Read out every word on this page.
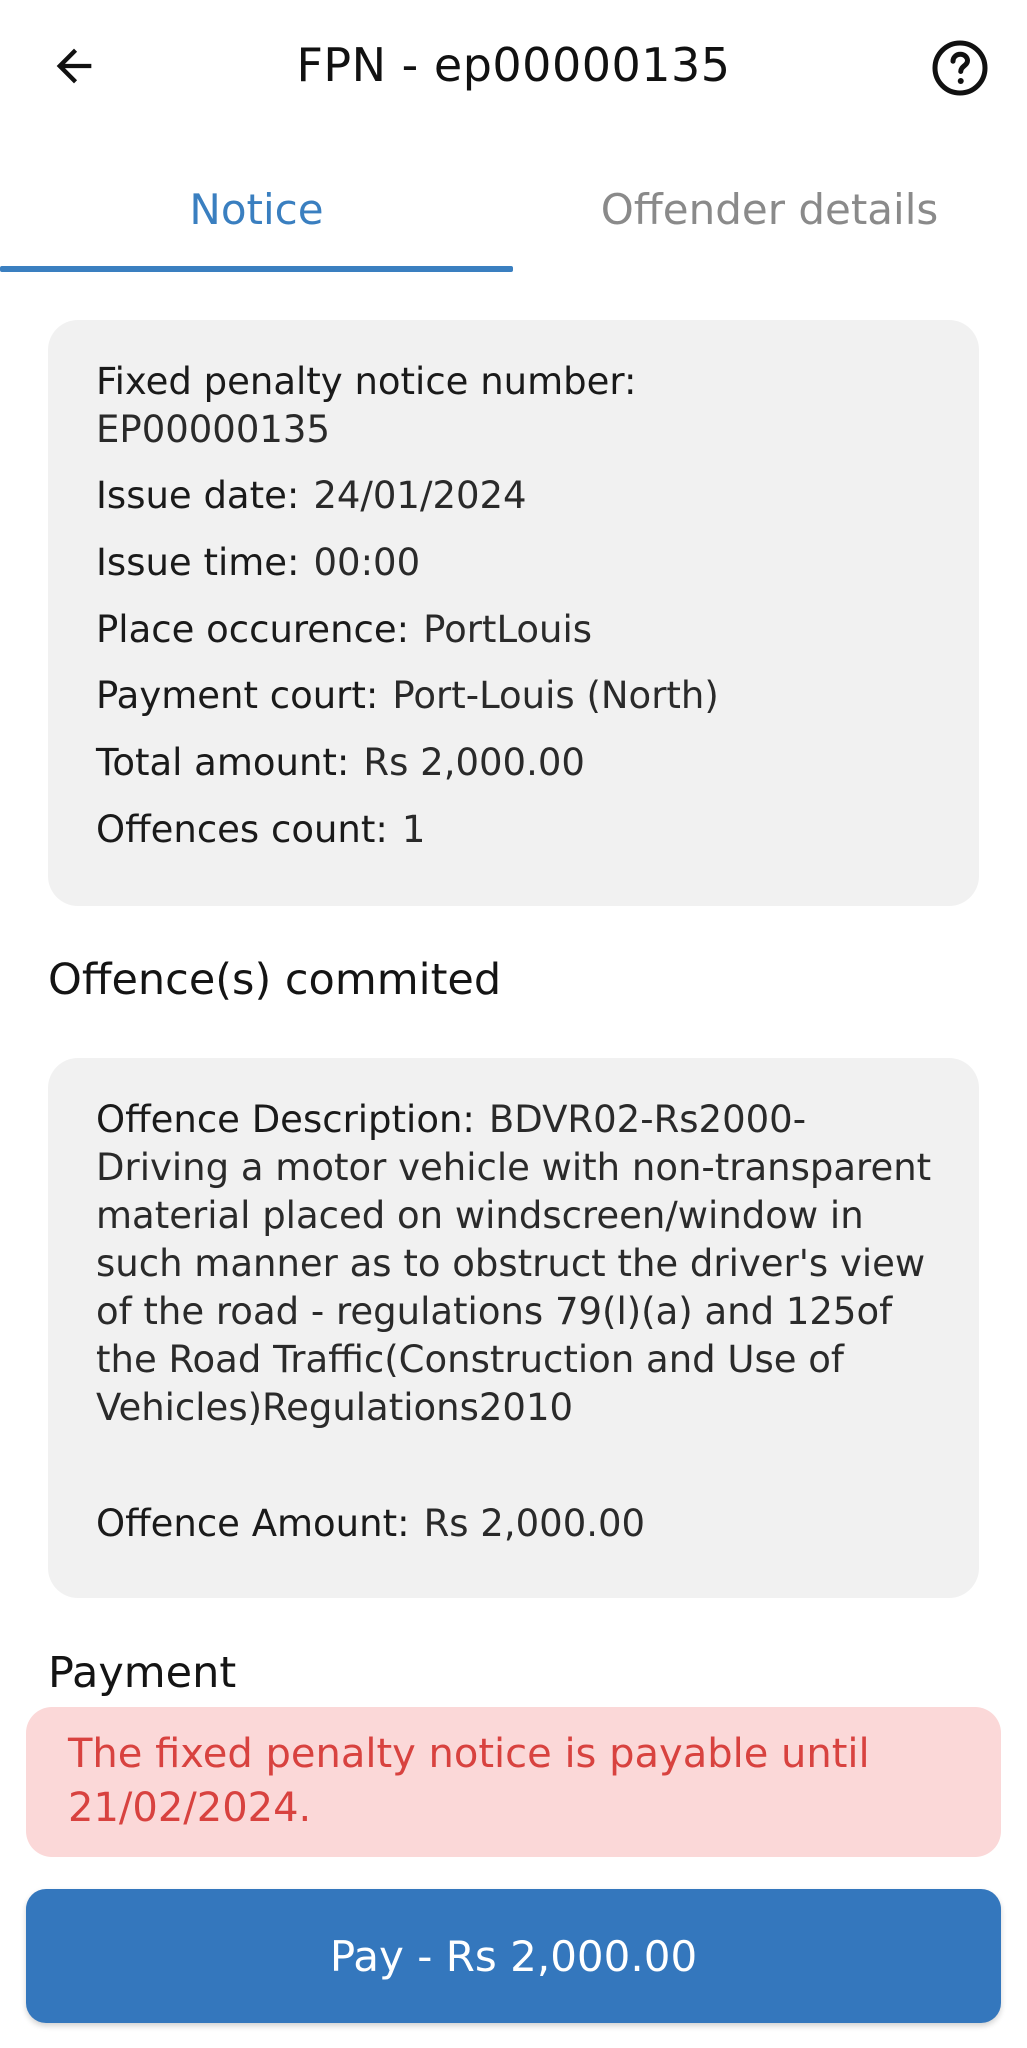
FPN - ep00000135
Notice	Offender details
Fixed penalty notice number:
EP00000135
Issue date: 24/01/2024
Issue time: 00:00
Place occurence: PortLouis
Payment court: Port-Louis (North)
Total amount: Rs 2,000.00
Offences count: 1
Offence(s) commited
Offence Description: BDVR02-Rs2000-Driving a motor vehicle with non-transparent material placed on windscreen/window in such manner as to obstruct the driver's view of the road - regulations 79(l)(a) and 125of the Road Traffic(Construction and Use of Vehicles)Regulations2010
Offence Amount: Rs 2,000.00
Payment
The fixed penalty notice is payable until 21/02/2024.
Pay - Rs 2,000.00
